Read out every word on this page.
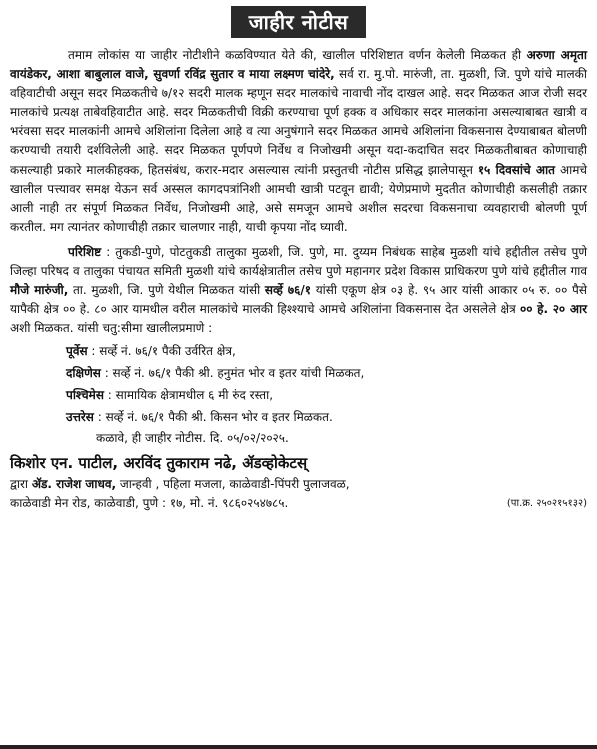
जाहीर नोटीस

तमाम लोकांस या जाहीर नोटीशीने कळविण्यात येते की, खालील परिशिष्टात वर्णन केलेली मिळकत ही अरुणा अमृता वायंडेकर, आशा बाबुलाल वाजे, सुवर्णा रविंद्र सुतार व माया लक्ष्मण चांदेरे, सर्व रा. मु.पो. मारुंजी, ता. मुळशी, जि. पुणे यांचे मालकी वहिवाटीची असून सदर मिळकतीचे ७/१२ सदरी मालक म्हणून सदर मालकांचे नावाची नोंद दाखल आहे. सदर मिळकत आज रोजी सदर मालकांचे प्रत्यक्ष ताबेवहिवाटीत आहे. सदर मिळकतीची विक्री करण्याचा पूर्ण हक्क व अधिकार सदर मालकांना असल्याबाबत खात्री व भरंवसा सदर मालकांनी आमचे अशिलांना दिलेला आहे व त्या अनुषंगाने सदर मिळकत आमचे अशिलांना विकसनास देण्याबाबत बोलणी करण्याची तयारी दर्शविलेली आहे. सदर मिळकत पूर्णपणे निर्वेध व निजोखमी असून यदा-कदाचित सदर मिळकतीबाबत कोणाचाही कसल्याही प्रकारे मालकीहक्क, हितसंबंध, करार-मदार असल्यास त्यांनी प्रस्तुतची नोटीस प्रसिद्ध झालेपासून १५ दिवसांचे आत आमचे खालील पत्त्यावर समक्ष येऊन सर्व अस्सल कागदपत्रांनिशी आमची खात्री पटवून द्यावी; येणेप्रमाणे मुदतीत कोणाचीही कसलीही तक्रार आली नाही तर संपूर्ण मिळकत निर्वेध, निजोखमी आहे, असे समजून आमचे अशील सदरचा विकसनाचा व्यवहाराची बोलणी पूर्ण करतील. मग त्यानंतर कोणाचीही तक्रार चालणार नाही, याची कृपया नोंद घ्यावी.

परिशिष्ट : तुकडी-पुणे, पोटतुकडी तालुका मुळशी, जि. पुणे, मा. दुय्यम निबंधक साहेब मुळशी यांचे हद्दीतील तसेच पुणे जिल्हा परिषद व तालुका पंचायत समिती मुळशी यांचे कार्यक्षेत्रातील तसेच पुणे महानगर प्रदेश विकास प्राधिकरण पुणे यांचे हद्दीतील गाव मौजे मारुंजी, ता. मुळशी, जि. पुणे येथील मिळकत यांसी सर्व्हे ७६/१ यांसी एकूण क्षेत्र ०३ हे. ९५ आर यांसी आकार ०५ रु. ०० पैसे यापैकी क्षेत्र ०० हे. ८० आर यामधील वरील मालकांचे मालकी हिश्श्याचे आमचे अशिलांना विकसनास देत असलेले क्षेत्र ०० हे. २० आर अशी मिळकत. यांसी चतु:सीमा खालीलप्रमाणे :

पूर्वेस : सर्व्हे नं. ७६/१ पैकी उर्वरित क्षेत्र,
दक्षिणेस : सर्व्हे नं. ७६/१ पैकी श्री. हनुमंत भोर व इतर यांची मिळकत,
पश्चिमेस : सामायिक क्षेत्रामधील ६ मी रुंद रस्ता,
उत्तरेस : सर्व्हे नं. ७६/१ पैकी श्री. किसन भोर व इतर मिळकत.

कळावे, ही जाहीर नोटीस. दि. ०५/०२/२०२५.

किशोर एन. पाटील, अरविंद तुकाराम नढे, ॲडव्होकेटस्
द्वारा ॲड. राजेश जाधव, जान्हवी , पहिला मजला, काळेवाडी-पिंपरी पुलाजवळ,
काळेवाडी मेन रोड, काळेवाडी, पुणे : १७, मो. नं. ९८६०२५४७८५.	(पा.क्र. २५०२१५१३२)
